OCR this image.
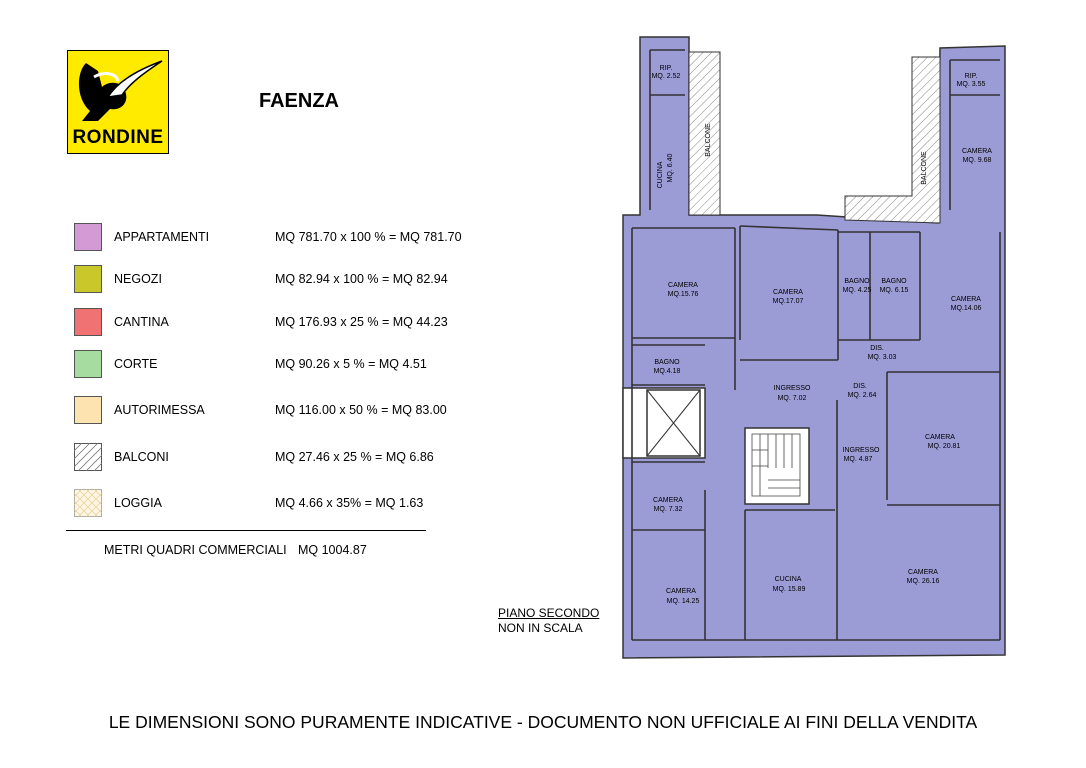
RONDINE
FAENZA
APPARTAMENTI	MQ 781.70 x 100 % = MQ 781.70
NEGOZI	MQ 82.94 x 100 % = MQ 82.94
CANTINA	MQ 176.93 x 25 % = MQ 44.23
CORTE	MQ 90.26 x 5 % = MQ 4.51
AUTORIMESSA	MQ 116.00 x 50 % = MQ 83.00
BALCONI	MQ 27.46 x 25 % = MQ 6.86
LOGGIA	MQ 4.66 x 35% = MQ 1.63
METRI QUADRI COMMERCIALI MQ 1004.87
PIANO SECONDO
NON IN SCALA
RIP.
MQ. 2.52
CUCINA MQ. 6.40
BALCONE
BALCONE
RIP.
MQ. 3.55
CAMERA
MQ. 9.68
CAMERA
MQ.15.76	CAMERA
MQ.17.07
BAGNO
MQ. 4.25
BAGNO
MQ. 6.15
CAMERA
MQ.14.06
DIS.
MQ. 3.03
BAGNO
MQ.4.18
INGRESSO
MQ. 7.02
DIS.
MQ. 2.64
INGRESSO
MQ. 4.87
CAMERA
MQ. 20.81
CAMERA
MQ. 7.32
CAMERA
MQ. 14.25
CUCINA
MQ. 15.89
CAMERA
MQ. 26.16
LE DIMENSIONI SONO PURAMENTE INDICATIVE - DOCUMENTO NON UFFICIALE AI FINI DELLA VENDITA
